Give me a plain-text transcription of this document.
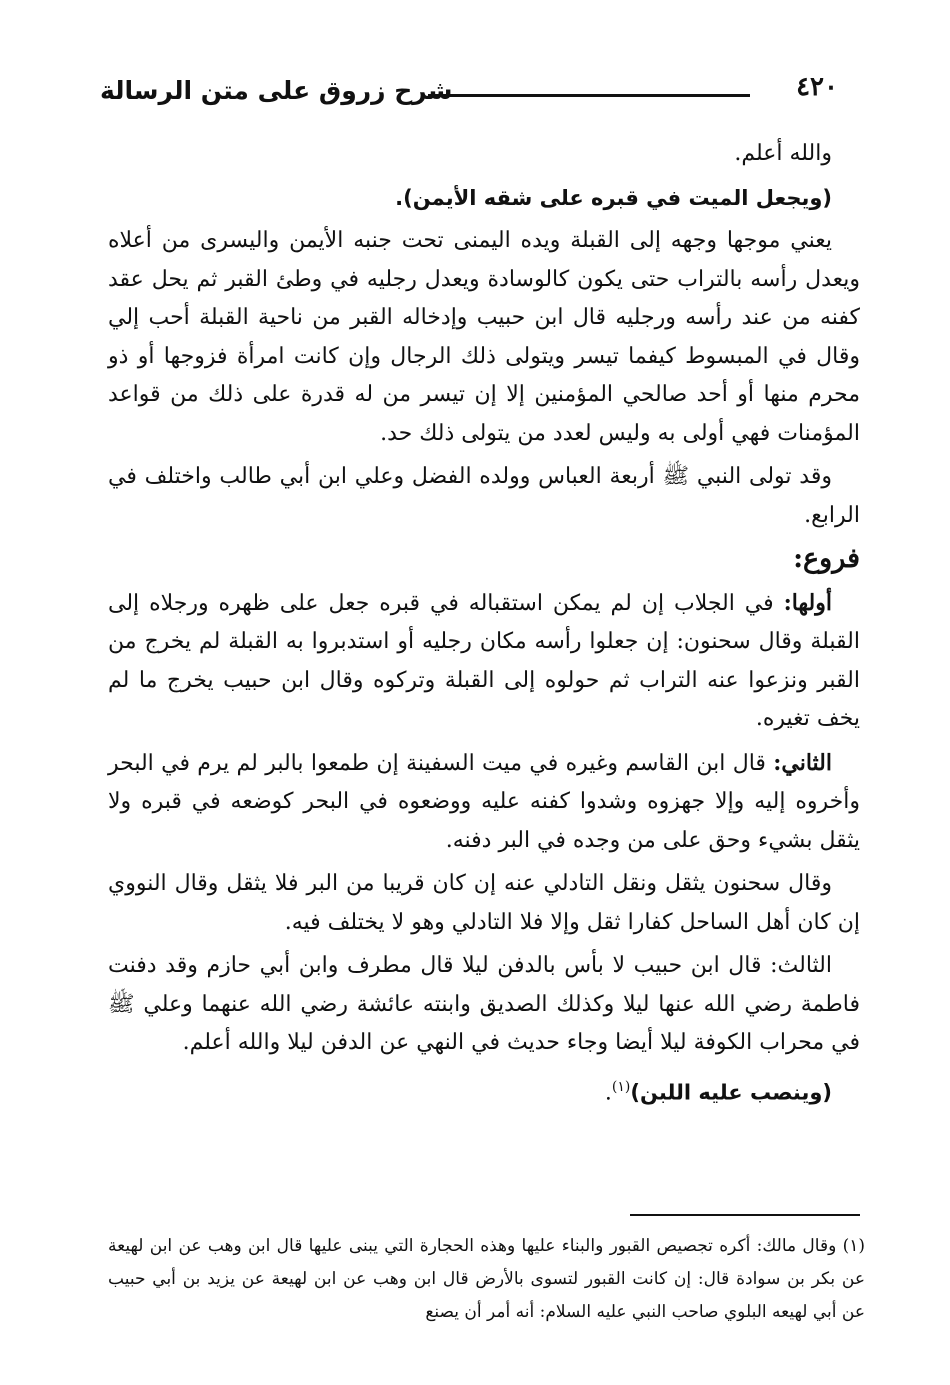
٤٢٠
شرح زروق على متن الرسالة

والله أعلم.

(ويجعل الميت في قبره على شقه الأيمن).

يعني موجها وجهه إلى القبلة ويده اليمنى تحت جنبه الأيمن واليسرى من أعلاه ويعدل رأسه بالتراب حتى يكون كالوسادة ويعدل رجليه في وطئ القبر ثم يحل عقد كفنه من عند رأسه ورجليه قال ابن حبيب وإدخاله القبر من ناحية القبلة أحب إلي وقال في المبسوط كيفما تيسر ويتولى ذلك الرجال وإن كانت امرأة فزوجها أو ذو محرم منها أو أحد صالحي المؤمنين إلا إن تيسر من له قدرة على ذلك من قواعد المؤمنات فهي أولى به وليس لعدد من يتولى ذلك حد.

وقد تولى النبي ﷺ أربعة العباس وولده الفضل وعلي ابن أبي طالب واختلف في الرابع.

فروع:

أولها: في الجلاب إن لم يمكن استقباله في قبره جعل على ظهره ورجلاه إلى القبلة وقال سحنون: إن جعلوا رأسه مكان رجليه أو استدبروا به القبلة لم يخرج من القبر ونزعوا عنه التراب ثم حولوه إلى القبلة وتركوه وقال ابن حبيب يخرج ما لم يخف تغيره.

الثاني: قال ابن القاسم وغيره في ميت السفينة إن طمعوا بالبر لم يرم في البحر وأخروه إليه وإلا جهزوه وشدوا كفنه عليه ووضعوه في البحر كوضعه في قبره ولا يثقل بشيء وحق على من وجده في البر دفنه.

وقال سحنون يثقل ونقل التادلي عنه إن كان قريبا من البر فلا يثقل وقال النووي إن كان أهل الساحل كفارا ثقل وإلا فلا التادلي وهو لا يختلف فيه.

الثالث: قال ابن حبيب لا بأس بالدفن ليلا قال مطرف وابن أبي حازم وقد دفنت فاطمة رضي الله عنها ليلا وكذلك الصديق وابنته عائشة رضي الله عنهما وعلي ﷺ في محراب الكوفة ليلا أيضا وجاء حديث في النهي عن الدفن ليلا والله أعلم.

(وينصب عليه اللبن)$^{(١)}$.

(١) وقال مالك: أكره تجصيص القبور والبناء عليها وهذه الحجارة التي يبنى عليها قال ابن وهب عن ابن لهيعة عن بكر بن سوادة قال: إن كانت القبور لتسوى بالأرض قال ابن وهب عن ابن لهيعة عن يزيد بن أبي حبيب عن أبي لهيعه البلوي صاحب النبي عليه السلام: أنه أمر أن يصنع
